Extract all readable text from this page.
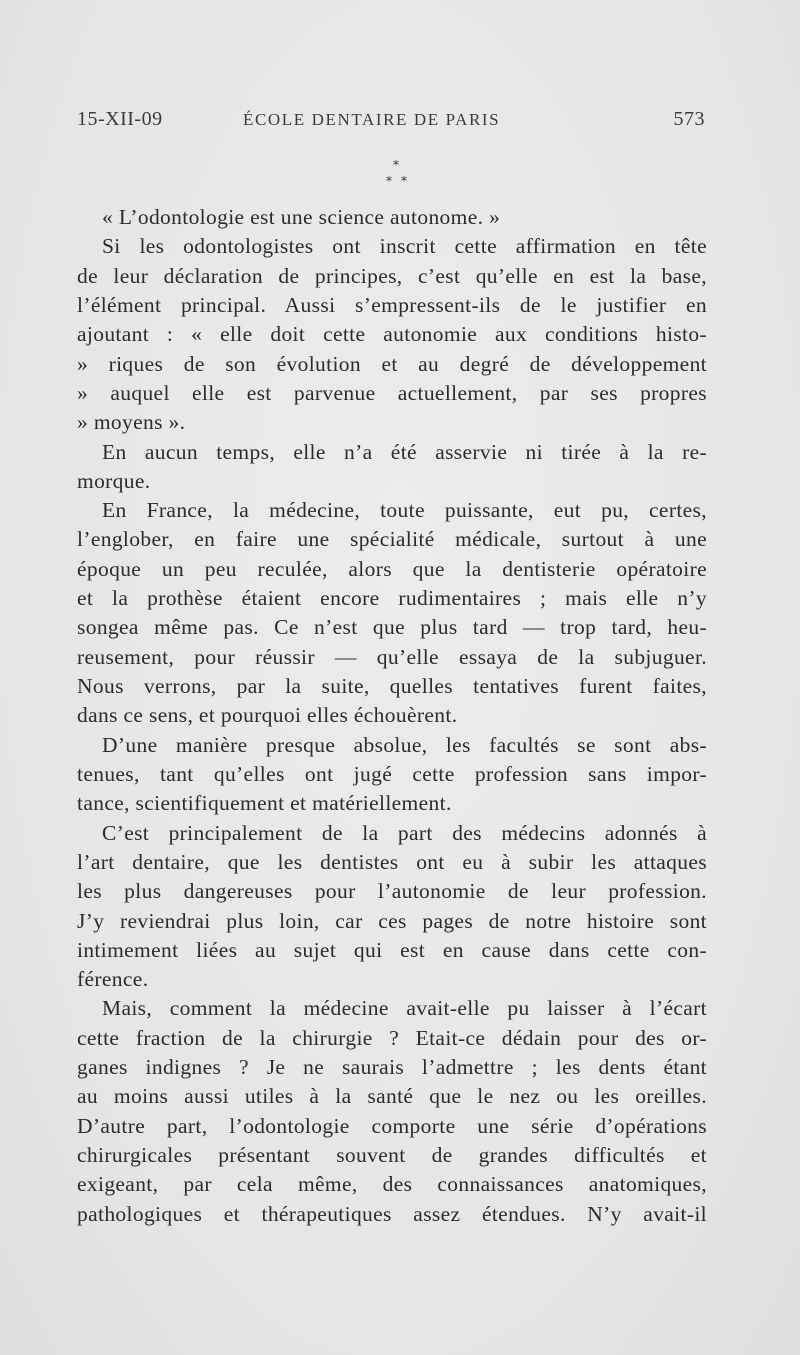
15-XII-09	ÉCOLE DENTAIRE DE PARIS	573
*
* *
« L’odontologie est une science autonome. »
Si les odontologistes ont inscrit cette affirmation en tête
de leur déclaration de principes, c’est qu’elle en est la base,
l’élément principal. Aussi s’empressent-ils de le justifier en
ajoutant : « elle doit cette autonomie aux conditions histo-
» riques de son évolution et au degré de développement
» auquel elle est parvenue actuellement, par ses propres
» moyens ».
En aucun temps, elle n’a été asservie ni tirée à la re-
morque.
En France, la médecine, toute puissante, eut pu, certes,
l’englober, en faire une spécialité médicale, surtout à une
époque un peu reculée, alors que la dentisterie opératoire
et la prothèse étaient encore rudimentaires ; mais elle n’y
songea même pas. Ce n’est que plus tard — trop tard, heu-
reusement, pour réussir — qu’elle essaya de la subjuguer.
Nous verrons, par la suite, quelles tentatives furent faites,
dans ce sens, et pourquoi elles échouèrent.
D’une manière presque absolue, les facultés se sont abs-
tenues, tant qu’elles ont jugé cette profession sans impor-
tance, scientifiquement et matériellement.
C’est principalement de la part des médecins adonnés à
l’art dentaire, que les dentistes ont eu à subir les attaques
les plus dangereuses pour l’autonomie de leur profession.
J’y reviendrai plus loin, car ces pages de notre histoire sont
intimement liées au sujet qui est en cause dans cette con-
férence.
Mais, comment la médecine avait-elle pu laisser à l’écart
cette fraction de la chirurgie ? Etait-ce dédain pour des or-
ganes indignes ? Je ne saurais l’admettre ; les dents étant
au moins aussi utiles à la santé que le nez ou les oreilles.
D’autre part, l’odontologie comporte une série d’opérations
chirurgicales présentant souvent de grandes difficultés et
exigeant, par cela même, des connaissances anatomiques,
pathologiques et thérapeutiques assez étendues. N’y avait-il
